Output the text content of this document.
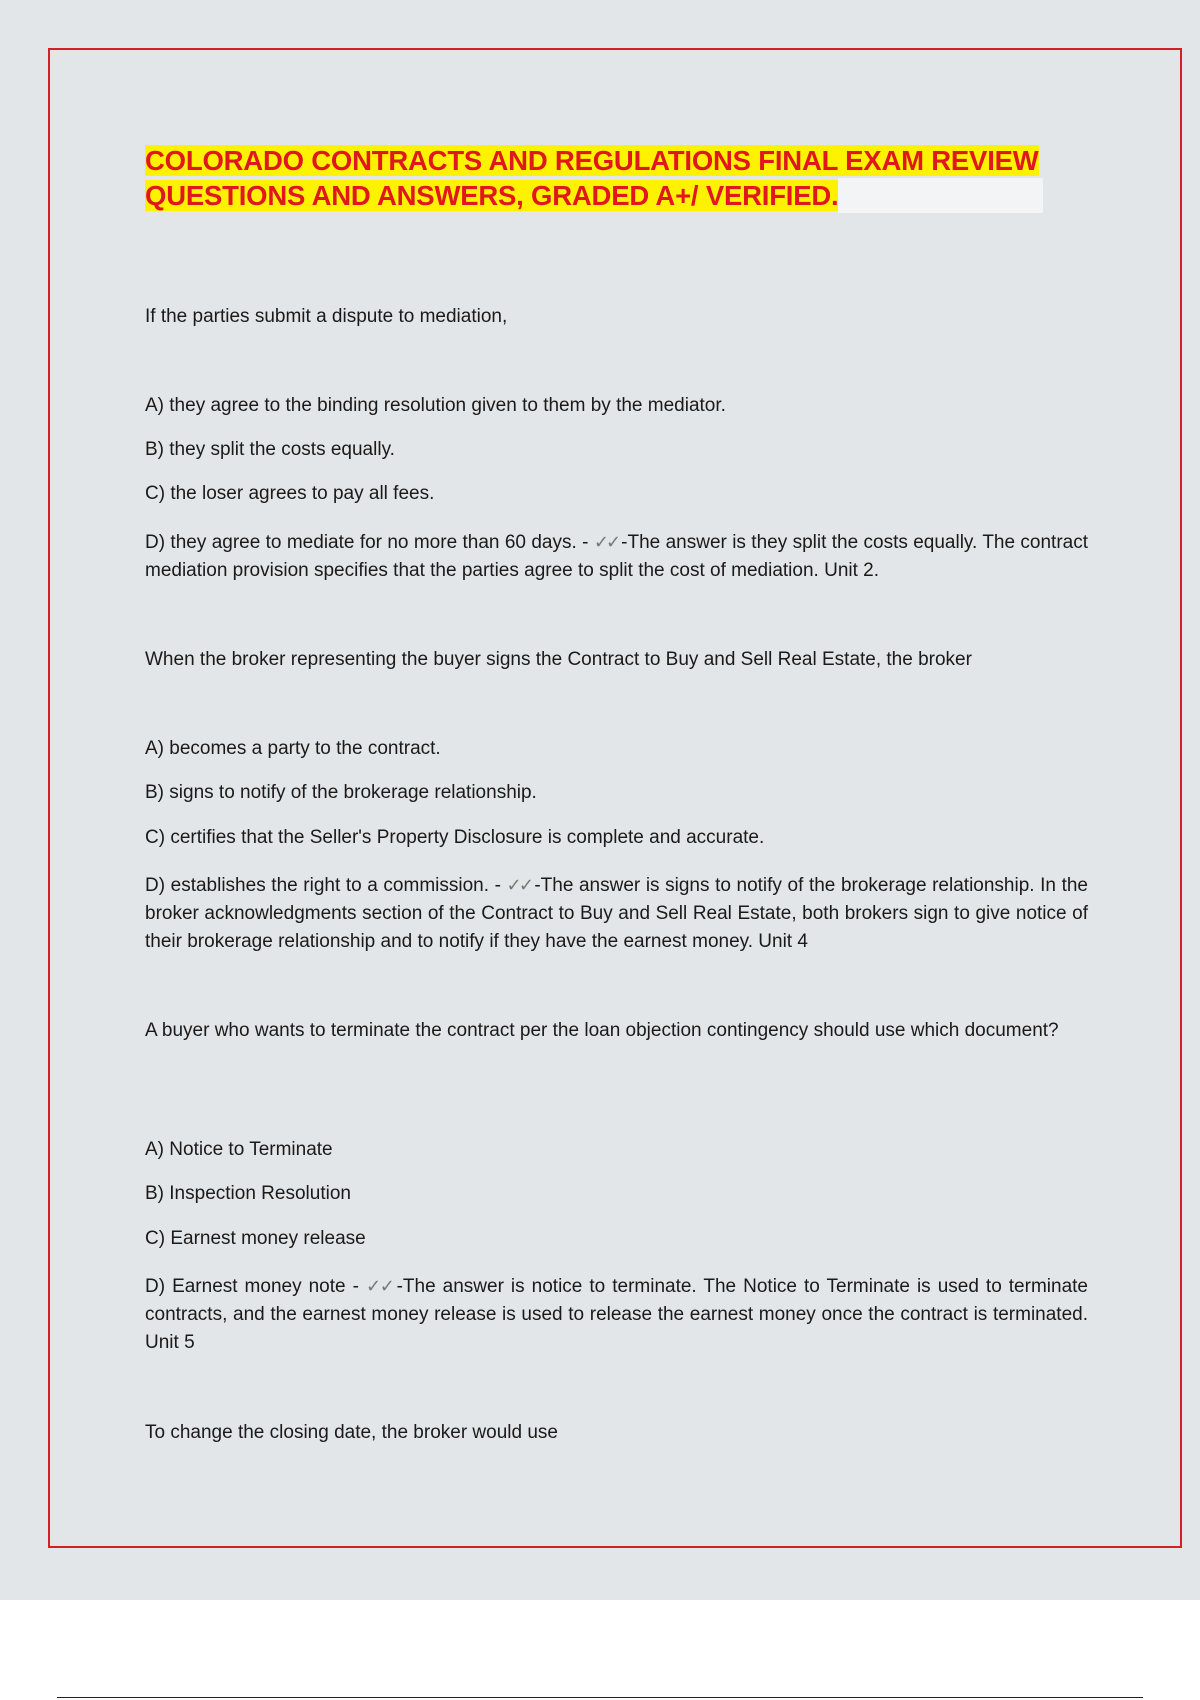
COLORADO CONTRACTS AND REGULATIONS FINAL EXAM REVIEW
QUESTIONS AND ANSWERS, GRADED A+/ VERIFIED.
If the parties submit a dispute to mediation,
A) they agree to the binding resolution given to them by the mediator.
B) they split the costs equally.
C) the loser agrees to pay all fees.
D) they agree to mediate for no more than 60 days. - ✓✓ -The answer is they split the costs equally. The contract mediation provision specifies that the parties agree to split the cost of mediation. Unit 2.
When the broker representing the buyer signs the Contract to Buy and Sell Real Estate, the broker
A) becomes a party to the contract.
B) signs to notify of the brokerage relationship.
C) certifies that the Seller's Property Disclosure is complete and accurate.
D) establishes the right to a commission. - ✓✓ -The answer is signs to notify of the brokerage relationship. In the broker acknowledgments section of the Contract to Buy and Sell Real Estate, both brokers sign to give notice of their brokerage relationship and to notify if they have the earnest money. Unit 4
A buyer who wants to terminate the contract per the loan objection contingency should use which document?
A) Notice to Terminate
B) Inspection Resolution
C) Earnest money release
D) Earnest money note - ✓✓ -The answer is notice to terminate. The Notice to Terminate is used to terminate contracts, and the earnest money release is used to release the earnest money once the contract is terminated. Unit 5
To change the closing date, the broker would use
